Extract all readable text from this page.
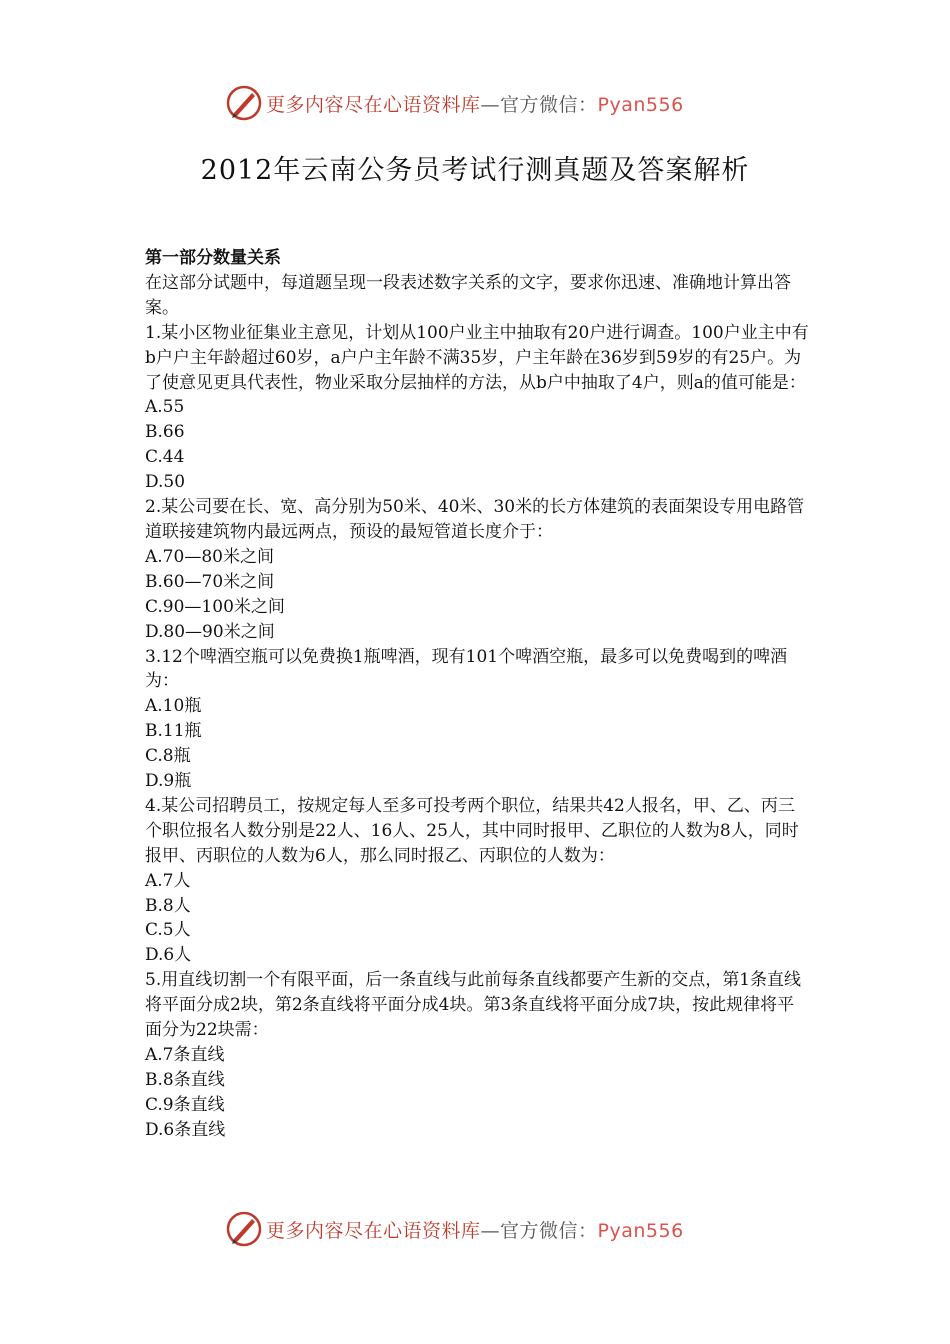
更多内容尽在心语资料库—官方微信：Pyan556
2012年云南公务员考试行测真题及答案解析

第一部分数量关系

在这部分试题中，每道题呈现一段表述数字关系的文字，要求你迅速、准确地计算出答案。

1.某小区物业征集业主意见，计划从100户业主中抽取有20户进行调查。100户业主中有b户户主年龄超过60岁，a户户主年龄不满35岁，户主年龄在36岁到59岁的有25户。为了使意见更具代表性，物业采取分层抽样的方法，从b户中抽取了4户，则a的值可能是：

A.55

B.66

C.44

D.50

2.某公司要在长、宽、高分别为50米、40米、30米的长方体建筑的表面架设专用电路管道联接建筑物内最远两点，预设的最短管道长度介于：

A.70—80米之间

B.60—70米之间

C.90—100米之间

D.80—90米之间

3.12个啤酒空瓶可以免费换1瓶啤酒，现有101个啤酒空瓶，最多可以免费喝到的啤酒为：

A.10瓶

B.11瓶

C.8瓶

D.9瓶

4.某公司招聘员工，按规定每人至多可投考两个职位，结果共42人报名，甲、乙、丙三个职位报名人数分别是22人、16人、25人，其中同时报甲、乙职位的人数为8人，同时报甲、丙职位的人数为6人，那么同时报乙、丙职位的人数为：

A.7人

B.8人

C.5人

D.6人

5.用直线切割一个有限平面，后一条直线与此前每条直线都要产生新的交点，第1条直线将平面分成2块，第2条直线将平面分成4块。第3条直线将平面分成7块，按此规律将平面分为22块需：

A.7条直线

B.8条直线

C.9条直线

D.6条直线

更多内容尽在心语资料库—官方微信：Pyan556
